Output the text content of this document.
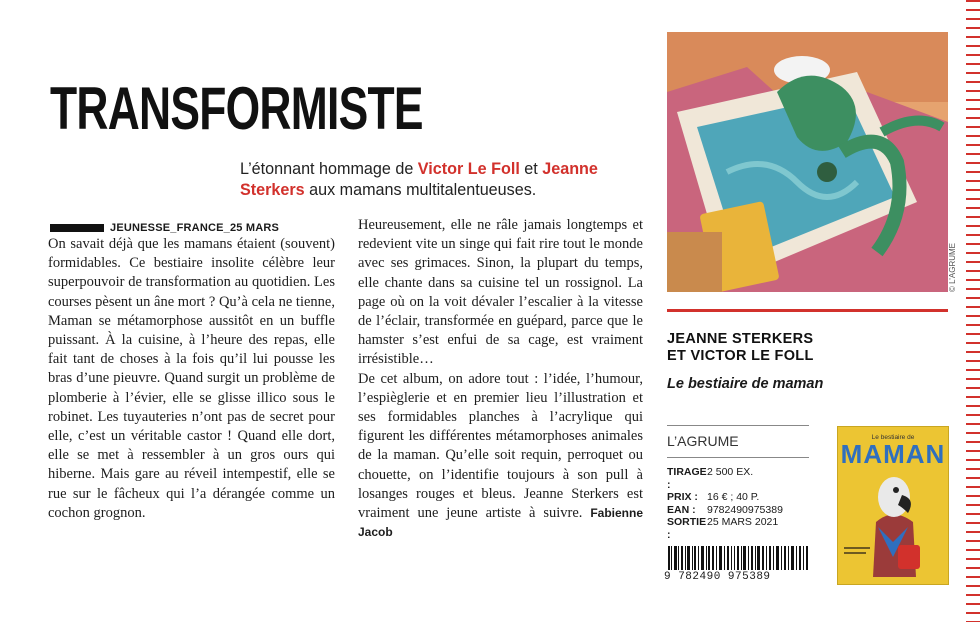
TRANSFORMISTE

L’étonnant hommage de Victor Le Foll et Jeanne Sterkers aux mamans multitalentueuses.

JEUNESSE_FRANCE_25 MARS

On savait déjà que les mamans étaient (souvent) formidables. Ce bestiaire insolite célèbre leur superpouvoir de transformation au quotidien. Les courses pèsent un âne mort ? Qu’à cela ne tienne, Maman se métamorphose aussitôt en un buffle puissant. À la cuisine, à l’heure des repas, elle fait tant de choses à la fois qu’il lui pousse les bras d’une pieuvre. Quand surgit un problème de plomberie à l’évier, elle se glisse illico sous le robinet. Les tuyauteries n’ont pas de secret pour elle, c’est un véritable castor ! Quand elle dort, elle se met à ressembler à un gros ours qui hiberne. Mais gare au réveil intempestif, elle se rue sur le fâcheux qui l’a dérangée comme un cochon grognon.

Heureusement, elle ne râle jamais longtemps et redevient vite un singe qui fait rire tout le monde avec ses grimaces. Sinon, la plupart du temps, elle chante dans sa cuisine tel un rossignol. La page où on la voit dévaler l’escalier à la vitesse de l’éclair, transformée en guépard, parce que le hamster s’est enfui de sa cage, est vraiment irrésistible…

De cet album, on adore tout : l’idée, l’humour, l’espièglerie et en premier lieu l’illustration et ses formidables planches à l’acrylique qui figurent les différentes métamorphoses animales de la maman. Qu’elle soit requin, perroquet ou chouette, on l’identifie toujours à son pull à losanges rouges et bleus. Jeanne Sterkers est vraiment une jeune artiste à suivre. Fabienne Jacob

© L’AGRUME
JEANNE STERKERS
ET VICTOR LE FOLL
Le bestiaire de maman
L’AGRUME
TIRAGE :
2 500 EX.
PRIX : 16 € ; 40 P.
EAN :	9782490975389
SORTIE :
25 MARS 2021
9 782490 975389
Le bestiaire de
MAMAN
